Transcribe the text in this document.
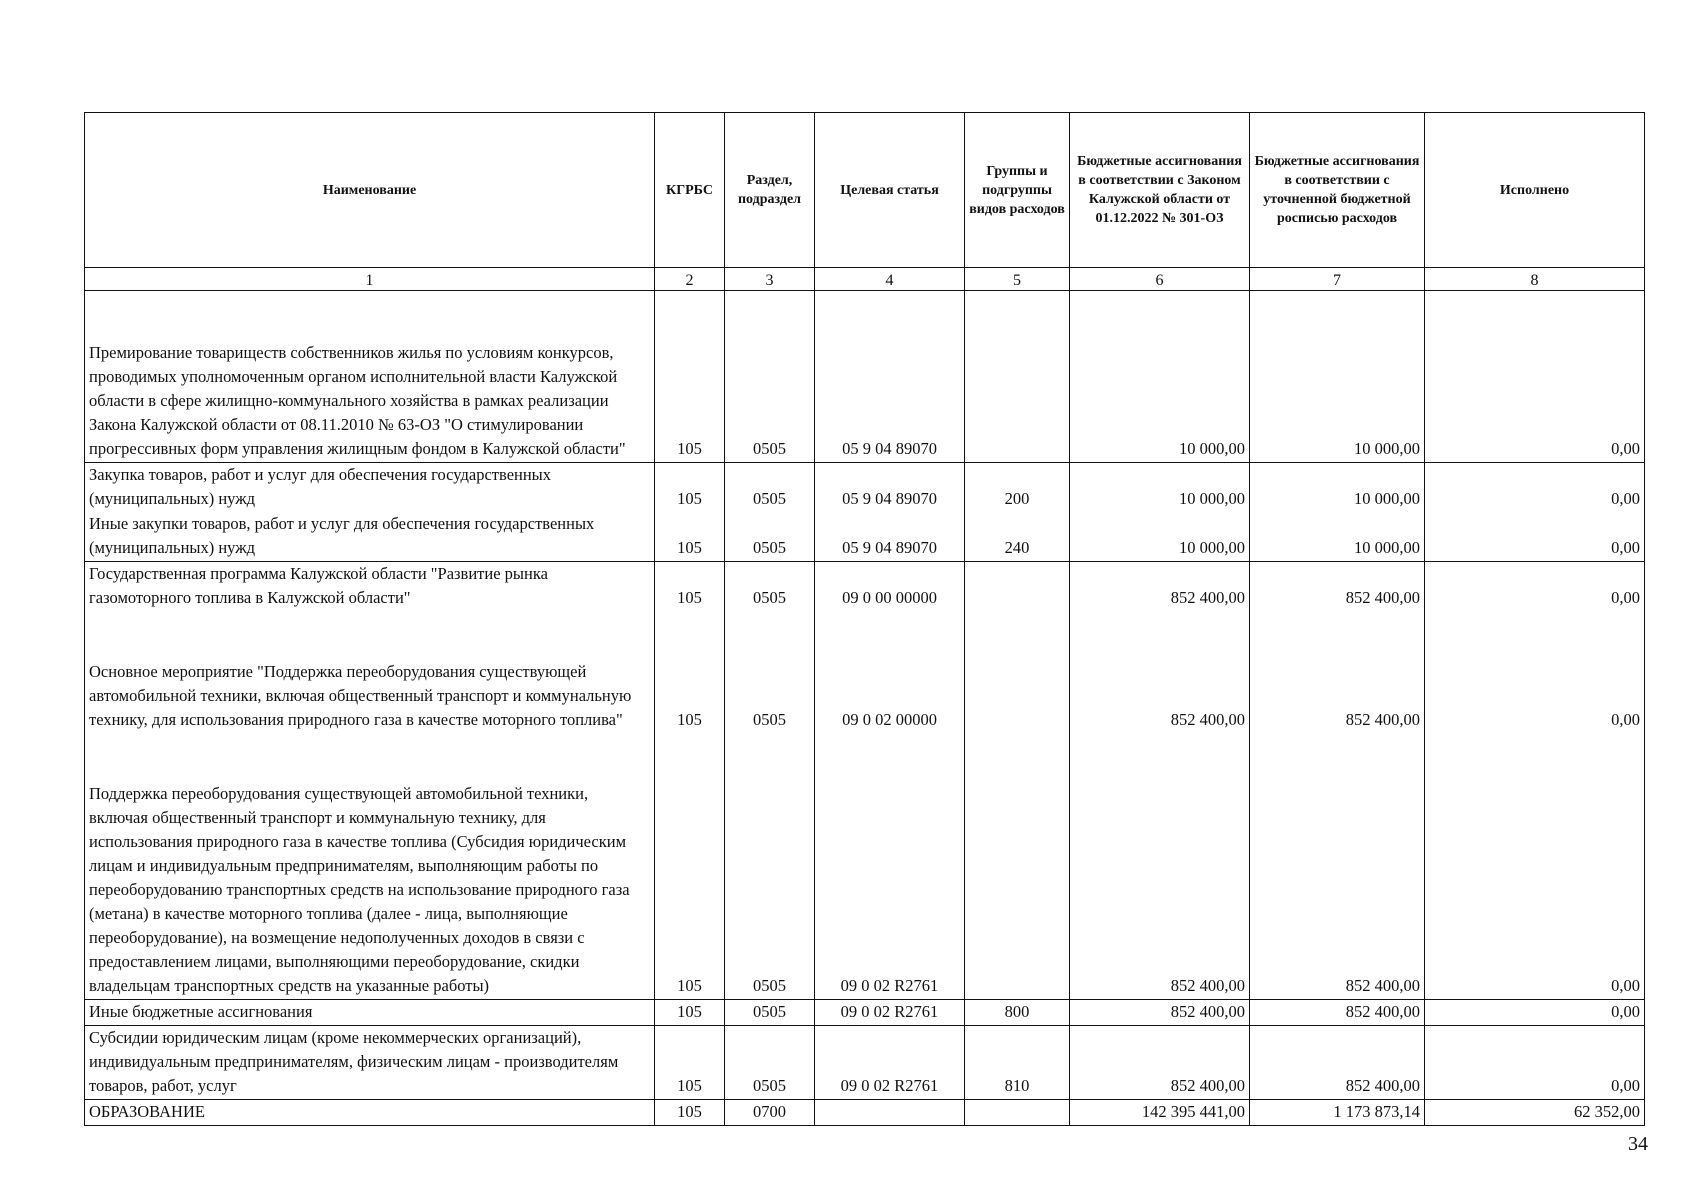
Наименование	КГРБС	Раздел, подраздел	Целевая статья	Группы и подгруппы видов расходов	Бюджетные ассигнования в соответствии с Законом Калужской области от 01.12.2022 № 301-ОЗ	Бюджетные ассигнования в соответствии с уточненной бюджетной росписью расходов	Исполнено
1	2	3	4	5	6	7	8
Премирование товариществ собственников жилья по условиям конкурсов, проводимых уполномоченным органом исполнительной власти Калужской области в сфере жилищно-коммунального хозяйства в рамках реализации Закона Калужской области от 08.11.2010 № 63-ОЗ "О стимулировании прогрессивных форм управления жилищным фондом в Калужской области"	105	0505	05 9 04 89070		10 000,00	10 000,00	0,00
Закупка товаров, работ и услуг для обеспечения государственных (муниципальных) нужд	105	0505	05 9 04 89070	200	10 000,00	10 000,00	0,00
Иные закупки товаров, работ и услуг для обеспечения государственных (муниципальных) нужд	105	0505	05 9 04 89070	240	10 000,00	10 000,00	0,00
Государственная программа Калужской области "Развитие рынка газомоторного топлива в Калужской области"	105	0505	09 0 00 00000		852 400,00	852 400,00	0,00
Основное мероприятие "Поддержка переоборудования существующей автомобильной техники, включая общественный транспорт и коммунальную технику, для использования природного газа в качестве моторного топлива"	105	0505	09 0 02 00000		852 400,00	852 400,00	0,00
Поддержка переоборудования существующей автомобильной техники, включая общественный транспорт и коммунальную технику, для использования природного газа в качестве топлива (Субсидия юридическим лицам и индивидуальным предпринимателям, выполняющим работы по переоборудованию транспортных средств на использование природного газа (метана) в качестве моторного топлива (далее - лица, выполняющие переоборудование), на возмещение недополученных доходов в связи с предоставлением лицами, выполняющими переоборудование, скидки владельцам транспортных средств на указанные работы)	105	0505	09 0 02 R2761		852 400,00	852 400,00	0,00
Иные бюджетные ассигнования	105	0505	09 0 02 R2761	800	852 400,00	852 400,00	0,00
Субсидии юридическим лицам (кроме некоммерческих организаций), индивидуальным предпринимателям, физическим лицам - производителям товаров, работ, услуг	105	0505	09 0 02 R2761	810	852 400,00	852 400,00	0,00
ОБРАЗОВАНИЕ	105	0700			142 395 441,00	1 173 873,14	62 352,00
34
